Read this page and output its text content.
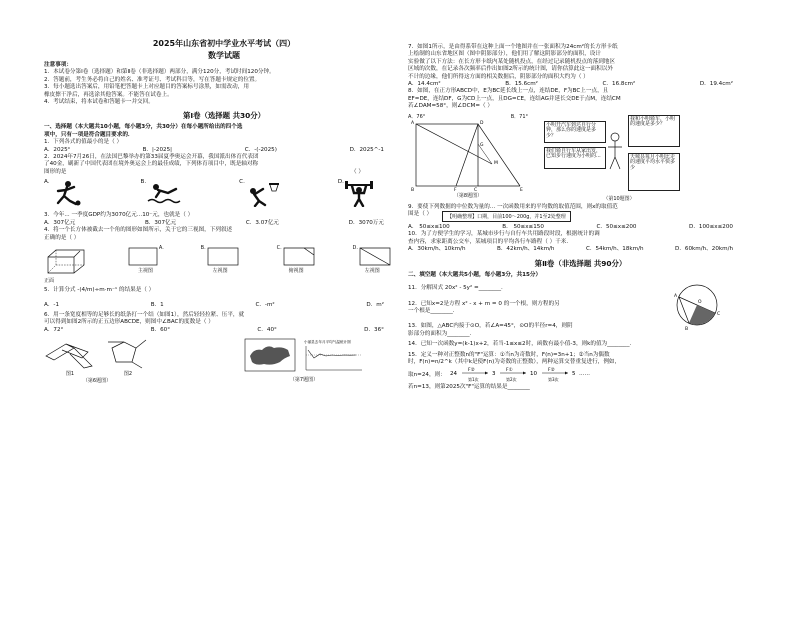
2025年山东省初中学业水平考试（四）
数学试题
注意事项：
1．本试卷分第Ⅰ卷（选择题）和第Ⅱ卷（非选择题）两部分，满分120分，考试时间120分钟。
2．答题前，考生务必将自己的姓名、准考证号、考试科目等，写在答题卡规定的位置。
3．每小题选出答案后，用铅笔把答题卡上对应题目的答案标号涂黑，如需改动，用
橡皮擦干净后，再选涂其他答案。不能答在试卷上。
4．考试结束，将本试卷和答题卡一并交回。
第Ⅰ卷（选择题 共30分）
一、选择题（本大题共10小题，每小题3分，共30分）在每小题所给出的四个选
项中，只有一项是符合题目要求的．
1．下列各式的值最小的是（ ）
A．2025⁰	B．|-2025|	C．-(-2025)	D．2025^-1
2．2024年7月26日，在法国巴黎举办的第33届夏季奥运会开幕，我国派出体育代表团
了40金，刷新了中国代表团在境外奥运会上的最佳成绩，下列体育项目中，既是轴对称
图形的是	（ ）
A.	B.	C.	D.
3．今年... 一季度GDP约为3070亿元...10⁻元，也就是（ ）
A．307亿元	B．307亿元	C．3.07亿元	D．3070万元
4．将一个长方体被截去一个角的图形如图所示，关于它的三视图，下列叙述
正确的是（ ）
正面
A.
主视图
B.
左视图
C.
俯视图
D.
左视图
5．计算分式 -(4/m)÷m·m⁻¹ 的结果是（ ）
A．-1	B．1	C．-m²	D．m²
6．用一条宽度相等的足够长的纸条打一个结（如图1），然后轻轻拉紧、压平，就
可以得到如图2所示的正五边形ABCDE，则图中∠BAC的度数是（ ）
A．72°	B．60°	C．40°	D．36°
图1	图2
（第6题图）
小丽县去年月平均气温统计图
（第7题图）
7．如图1所示，是由得系带在这种上面一个地图并在一张面积为24cm²的长方形卡纸
上绘制的山东省地区图（图中阴影部分），他们用了解这阴影部分的面积，设计
实验做了以下方法：在长方形卡纸内某处随机投点，在经过记录随机投点的落到地区
区域的次数，在记录各次频率后作出如图2所示的统计图，请你估算此这一面积以外
不计的边缘，他们所得这方面的相关数据后，阴影部分的面积大约为（ ）
A．14.4cm²	B．15.6cm²	C．16.8cm²	D．19.4cm²
8．如图，在正方形ABCD中，E为BC延长线上一点，连结DE，F为BC上一点，且
EF=DE，连结DF，G为CD上一点，且DG=CE，连结AG并延长交DE于点M，连结CM
若∠DAM=58°，则∠DCM=（ ）
A．76°	B．71°
A	D
B	C	E
F
M
G
（第8题图）
小明开汽车到达自行分钟，那么你的速度是多少？
我们骑自行车从家出发，已知步行速度为小明的...
我和小明骑车，小明的速度是多少？
天城县每月小明比走的速度平均水平快多少
（第10题图）
9．要使下列数据的中位数为量的... 一次函数用来的平均数的取值范围，则x的取值范
围是（ ）	【明确整理】口期，目前100～200g，并1至2处整理
A． 50≤x≤100	B． 50≤x≤150	C．50≤x≤200	D．100≤x≤200
10．为了方便学生的学习，某城市步行与自行车共用路段时段，根据统计的调
查内容，求家距离公交车，某城项目的平均各行车路程（ ）千米.
A．30km/h、10km/h	B．42km/h、14km/h	C．54km/h、18km/h	D．60km/h、20km/h
第Ⅱ卷（非选择题 共90分）
二、填空题（本大题共5小题，每小题3分，共15分）
A
C
B
O
11．分解因式 20x² - 5y² =________.
12．已知x=2是方程 x² - x + m = 0 的一个根，则方程的另
一个根是________.
13．如图，△ABC内接于⊙O，若∠A=45°，⊙O的半径r=4，则阴
影部分的面积为________.
14．已知一次函数y=(k-1)x+2，若当-1≤x≤2时，函数有最小值-3，则k的值为________.
15．定义一种对正整数n的"F"运算：①当n为奇数时，F(n)=3n+1；②当n为偶数
时，F(n)=n/2^k（其中k是使F(n)为奇数的正整数），两种运算交替重复进行，例如，
取n=24，则： 24
F②
第1次
3
F①
第2次
10
F②
第3次
5 ……
若n=13，则第2025次"F"运算的结果是________
